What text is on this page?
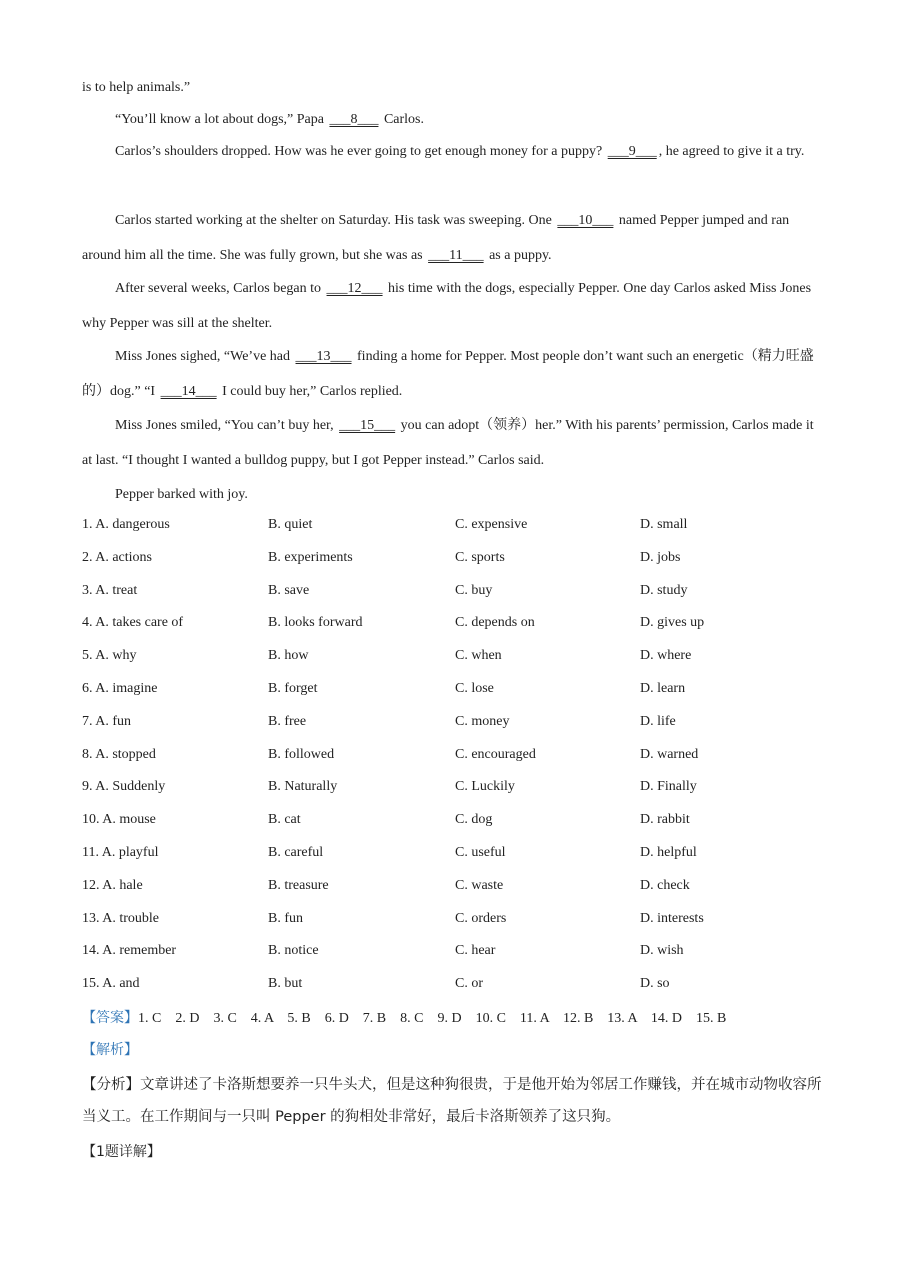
is to help animals.”
“You’ll know a lot about dogs,” Papa ___8___ Carlos.

Carlos’s shoulders dropped. How was he ever going to get enough money for a puppy? ___9___ , he agreed to give it a try.

Carlos started working at the shelter on Saturday. His task was sweeping. One ___10___ named Pepper jumped and ran around him all the time. She was fully grown, but she was as ___11___ as a puppy.

After several weeks, Carlos began to ___12___ his time with the dogs, especially Pepper. One day Carlos asked Miss Jones why Pepper was sill at the shelter.

Miss Jones sighed, “We’ve had ___13___ finding a home for Pepper. Most people don’t want such an energetic（精力旺盛的）dog.” “I ___14___ I could buy her,” Carlos replied.

Miss Jones smiled, “You can’t buy her, ___15___ you can adopt（领养）her.” With his parents’ permission, Carlos made it at last. “I thought I wanted a bulldog puppy, but I got Pepper instead.” Carlos said.

Pepper barked with joy.
1. A. dangerous	B. quiet	C. expensive	D. small
2. A. actions	B. experiments	C. sports	D. jobs
3. A. treat	B. save	C. buy	D. study
4. A. takes care of	B. looks forward	C. depends on	D. gives up
5. A. why	B. how	C. when	D. where
6. A. imagine	B. forget	C. lose	D. learn
7. A. fun	B. free	C. money	D. life
8. A. stopped	B. followed	C. encouraged	D. warned
9. A. Suddenly	B. Naturally	C. Luckily	D. Finally
10. A. mouse	B. cat	C. dog	D. rabbit
11. A. playful	B. careful	C. useful	D. helpful
12. A. hale	B. treasure	C. waste	D. check
13. A. trouble	B. fun	C. orders	D. interests
14. A. remember	B. notice	C. hear	D. wish
15. A. and	B. but	C. or	D. so
【答案】1. C    2. D    3. C    4. A    5. B    6. D    7. B    8. C    9. D    10. C    11. A    12. B    13. A    14. D    15. B
【解析】
【分析】文章讲述了卡洛斯想要养一只牛头犬，但是这种狗很贵，于是他开始为邻居工作赚钱，并在城市动物收容所当义工。在工作期间与一只叫 Pepper 的狗相处非常好，最后卡洛斯领养了这只狗。
【1题详解】
